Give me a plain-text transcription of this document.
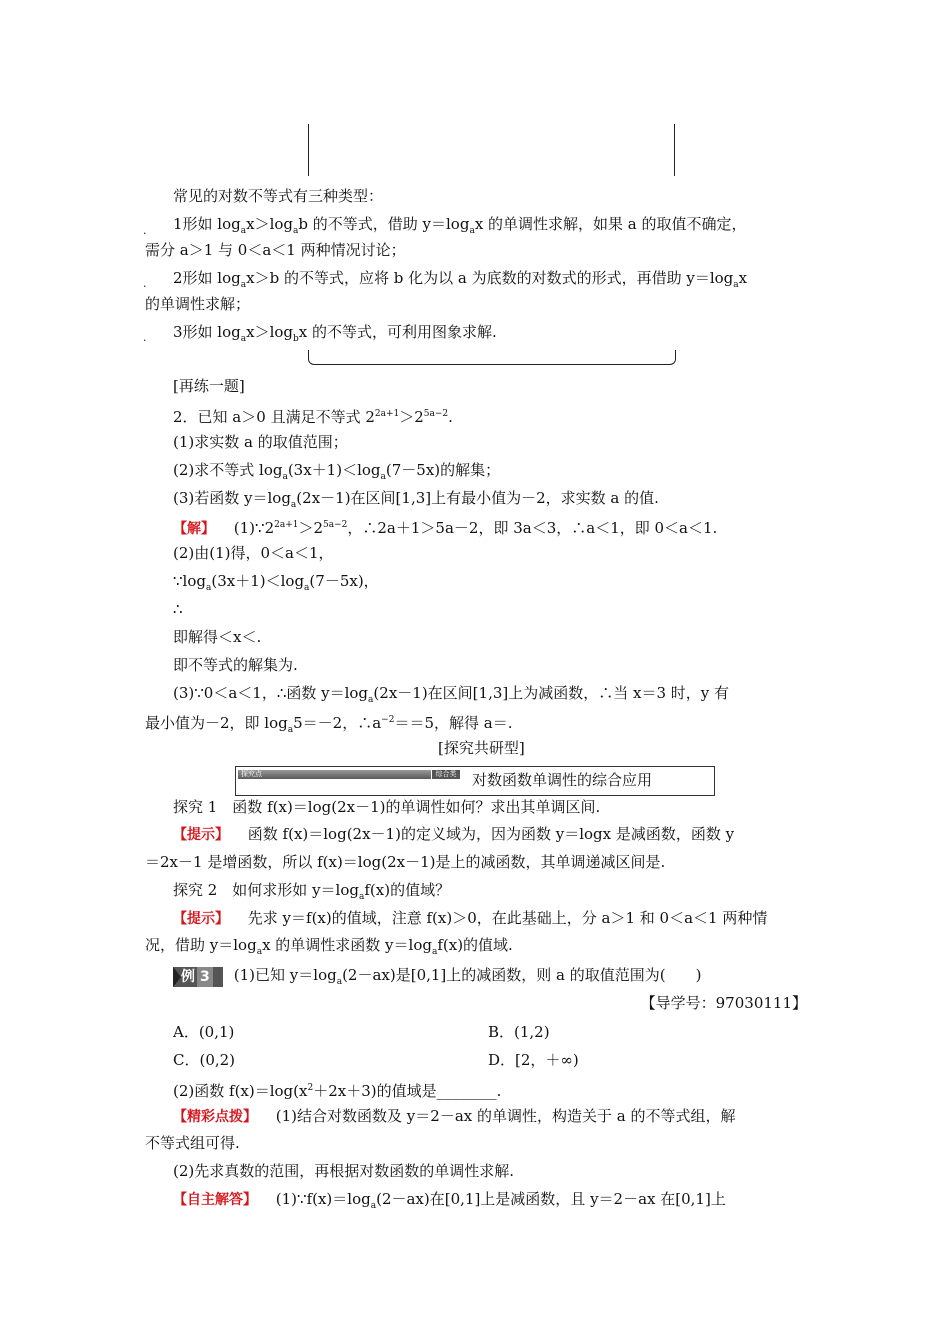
常见的对数不等式有三种类型：
. 1形如 $\log_ax>\log_ab$ 的不等式，借助 $y=\log_ax$ 的单调性求解，如果 a 的取值不确定，
需分 a＞1 与 0＜a＜1 两种情况讨论；
. 2形如 $\log_ax>b$ 的不等式，应将 b 化为以 a 为底数的对数式的形式，再借助 $y=\log_ax$
的单调性求解；
. 3形如 $\log_ax>\log_bx$ 的不等式，可利用图象求解.
[再练一题]
2．已知 a＞0 且满足不等式 $2^{2a+1}>2^{5a-2}$.
(1)求实数 a 的取值范围；
(2)求不等式 $\log_a(3x+1)<\log_a(7-5x)$的解集；
(3)若函数 $y=\log_a(2x-1)$在区间[1,3]上有最小值为－2，求实数 a 的值.
【解】 $(1)\because 2^{2a+1}>2^{5a-2}$，∴2a＋1＞5a－2，即 3a＜3，∴a＜1，即 0＜a＜1.
(2)由(1)得，0＜a＜1，
$\because\log_a(3x+1)<\log_a(7-5x)$，
∴
即解得＜x＜.
即不等式的解集为.
(3)∵0＜a＜1，∴函数 $y=\log_a(2x-1)$在区间[1,3]上为减函数，∴当 x＝3 时，y 有
最小值为－2，即 $\log_a5=-2$，$\therefore a^{-2}==5$，解得 a＝.
[探究共研型]
探究点	综合类 对数函数单调性的综合应用
探究 1　函数 f(x)＝log(2x－1)的单调性如何？求出其单调区间.
【提示】 函数 f(x)＝log(2x－1)的定义域为，因为函数 y＝logx 是减函数，函数 y
＝2x－1 是增函数，所以 f(x)＝log(2x－1)是上的减函数，其单调递减区间是.
探究 2　如何求形如 $y=\log_af(x)$的值域？
【提示】 先求 y＝f(x)的值域，注意 f(x)＞0，在此基础上，分 a＞1 和 0＜a＜1 两种情
况，借助 $y=\log_ax$ 的单调性求函数 $y=\log_af(x)$的值域.
例 3 (1)已知 $y=\log_a(2-ax)$是[0,1]上的减函数，则 a 的取值范围为(　　)
【导学号：97030111】
A．(0,1)	B．(1,2)
C．(0,2)	D．[2，＋∞)
(2)函数 $f(x)=\log(x^2+2x+3)$的值域是________.
【精彩点拨】 (1)结合对数函数及 y＝2－ax 的单调性，构造关于 a 的不等式组，解
不等式组可得.
(2)先求真数的范围，再根据对数函数的单调性求解.
【自主解答】 $(1)\because f(x)=\log_a(2-ax)$在[0,1]上是减函数，且 y＝2－ax 在[0,1]上
